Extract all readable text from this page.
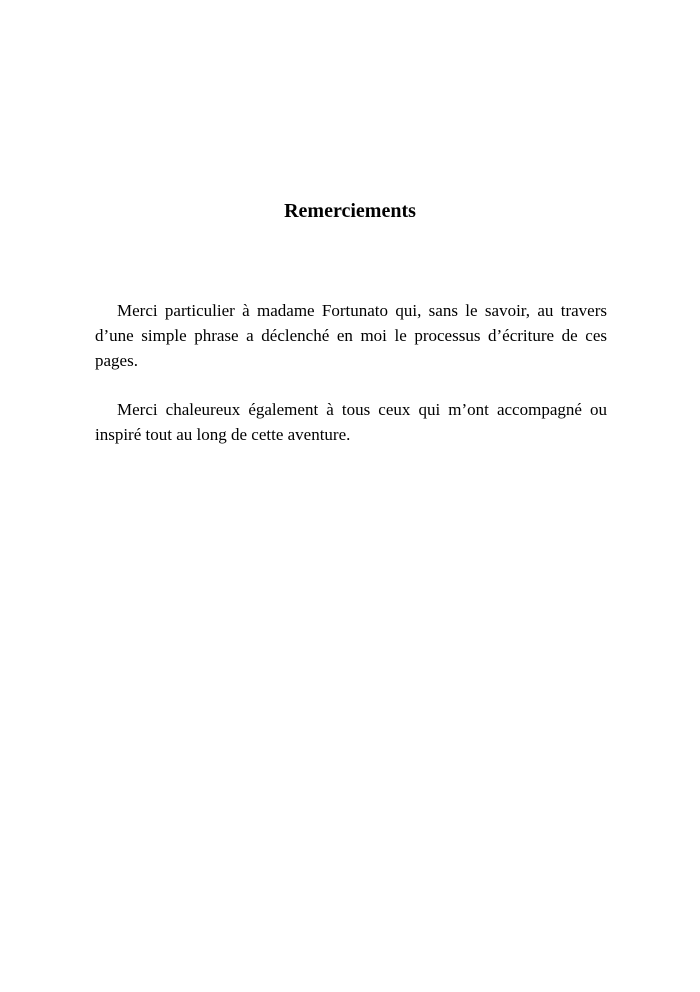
Remerciements

Merci particulier à madame Fortunato qui, sans le savoir, au travers d’une simple phrase a déclenché en moi le processus d’écriture de ces pages.

Merci chaleureux également à tous ceux qui m’ont accompagné ou inspiré tout au long de cette aventure.
